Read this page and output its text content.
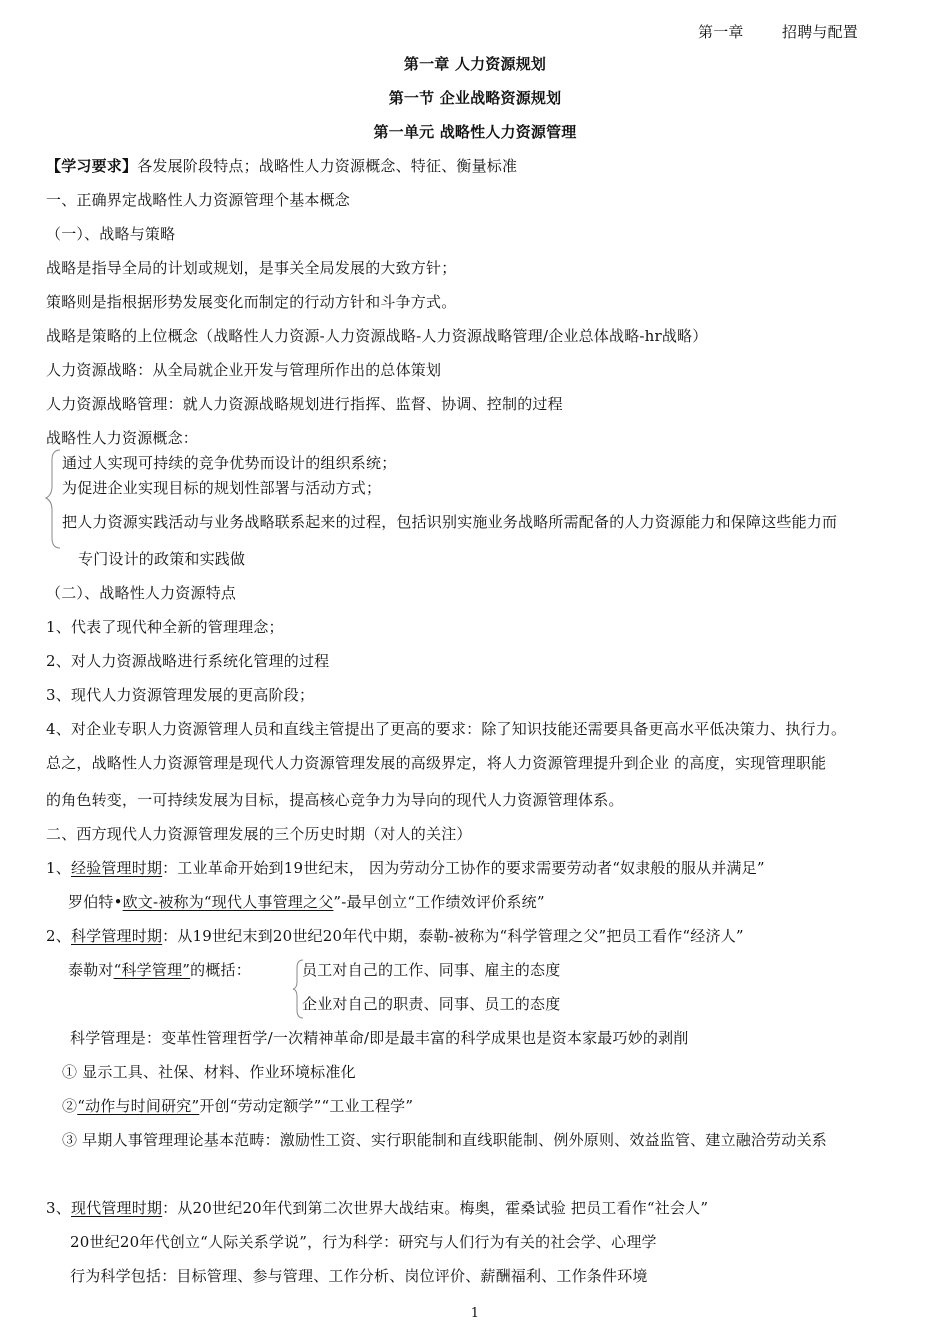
第一章	招聘与配置
第一章 人力资源规划
第一节 企业战略资源规划
第一单元 战略性人力资源管理
【学习要求】各发展阶段特点；战略性人力资源概念、特征、衡量标准
一、正确界定战略性人力资源管理个基本概念
（一）、战略与策略
战略是指导全局的计划或规划，是事关全局发展的大致方针；
策略则是指根据形势发展变化而制定的行动方针和斗争方式。
战略是策略的上位概念（战略性人力资源-人力资源战略-人力资源战略管理/企业总体战略-hr战略）
人力资源战略：从全局就企业开发与管理所作出的总体策划
人力资源战略管理：就人力资源战略规划进行指挥、监督、协调、控制的过程
战略性人力资源概念：
通过人实现可持续的竞争优势而设计的组织系统；
为促进企业实现目标的规划性部署与活动方式；
把人力资源实践活动与业务战略联系起来的过程，包括识别实施业务战略所需配备的人力资源能力和保障这些能力而
专门设计的政策和实践做
（二）、战略性人力资源特点
1、代表了现代种全新的管理理念；
2、对人力资源战略进行系统化管理的过程
3、现代人力资源管理发展的更高阶段；
4、对企业专职人力资源管理人员和直线主管提出了更高的要求：除了知识技能还需要具备更高水平低决策力、执行力。
总之，战略性人力资源管理是现代人力资源管理发展的高级界定，将人力资源管理提升到企业 的高度，实现管理职能
的角色转变，一可持续发展为目标，提高核心竞争力为导向的现代人力资源管理体系。
二、西方现代人力资源管理发展的三个历史时期（对人的关注）
1、经验管理时期：工业革命开始到19世纪末， 因为劳动分工协作的要求需要劳动者“奴隶般的服从并满足”
罗伯特•欧文-被称为“现代人事管理之父”-最早创立“工作绩效评价系统”
2、科学管理时期：从19世纪末到20世纪20年代中期，泰勒-被称为“科学管理之父”把员工看作“经济人”
泰勒对“科学管理”的概括：	员工对自己的工作、同事、雇主的态度
企业对自己的职责、同事、员工的态度
科学管理是：变革性管理哲学/一次精神革命/即是最丰富的科学成果也是资本家最巧妙的剥削
① 显示工具、社保、材料、作业环境标准化
②“动作与时间研究”开创“劳动定额学”“工业工程学”
③ 早期人事管理理论基本范畴：激励性工资、实行职能制和直线职能制、例外原则、效益监管、建立融洽劳动关系
3、现代管理时期：从20世纪20年代到第二次世界大战结束。梅奥，霍桑试验 把员工看作“社会人”
20世纪20年代创立“人际关系学说”，行为科学：研究与人们行为有关的社会学、心理学
行为科学包括：目标管理、参与管理、工作分析、岗位评价、薪酬福利、工作条件环境
1
